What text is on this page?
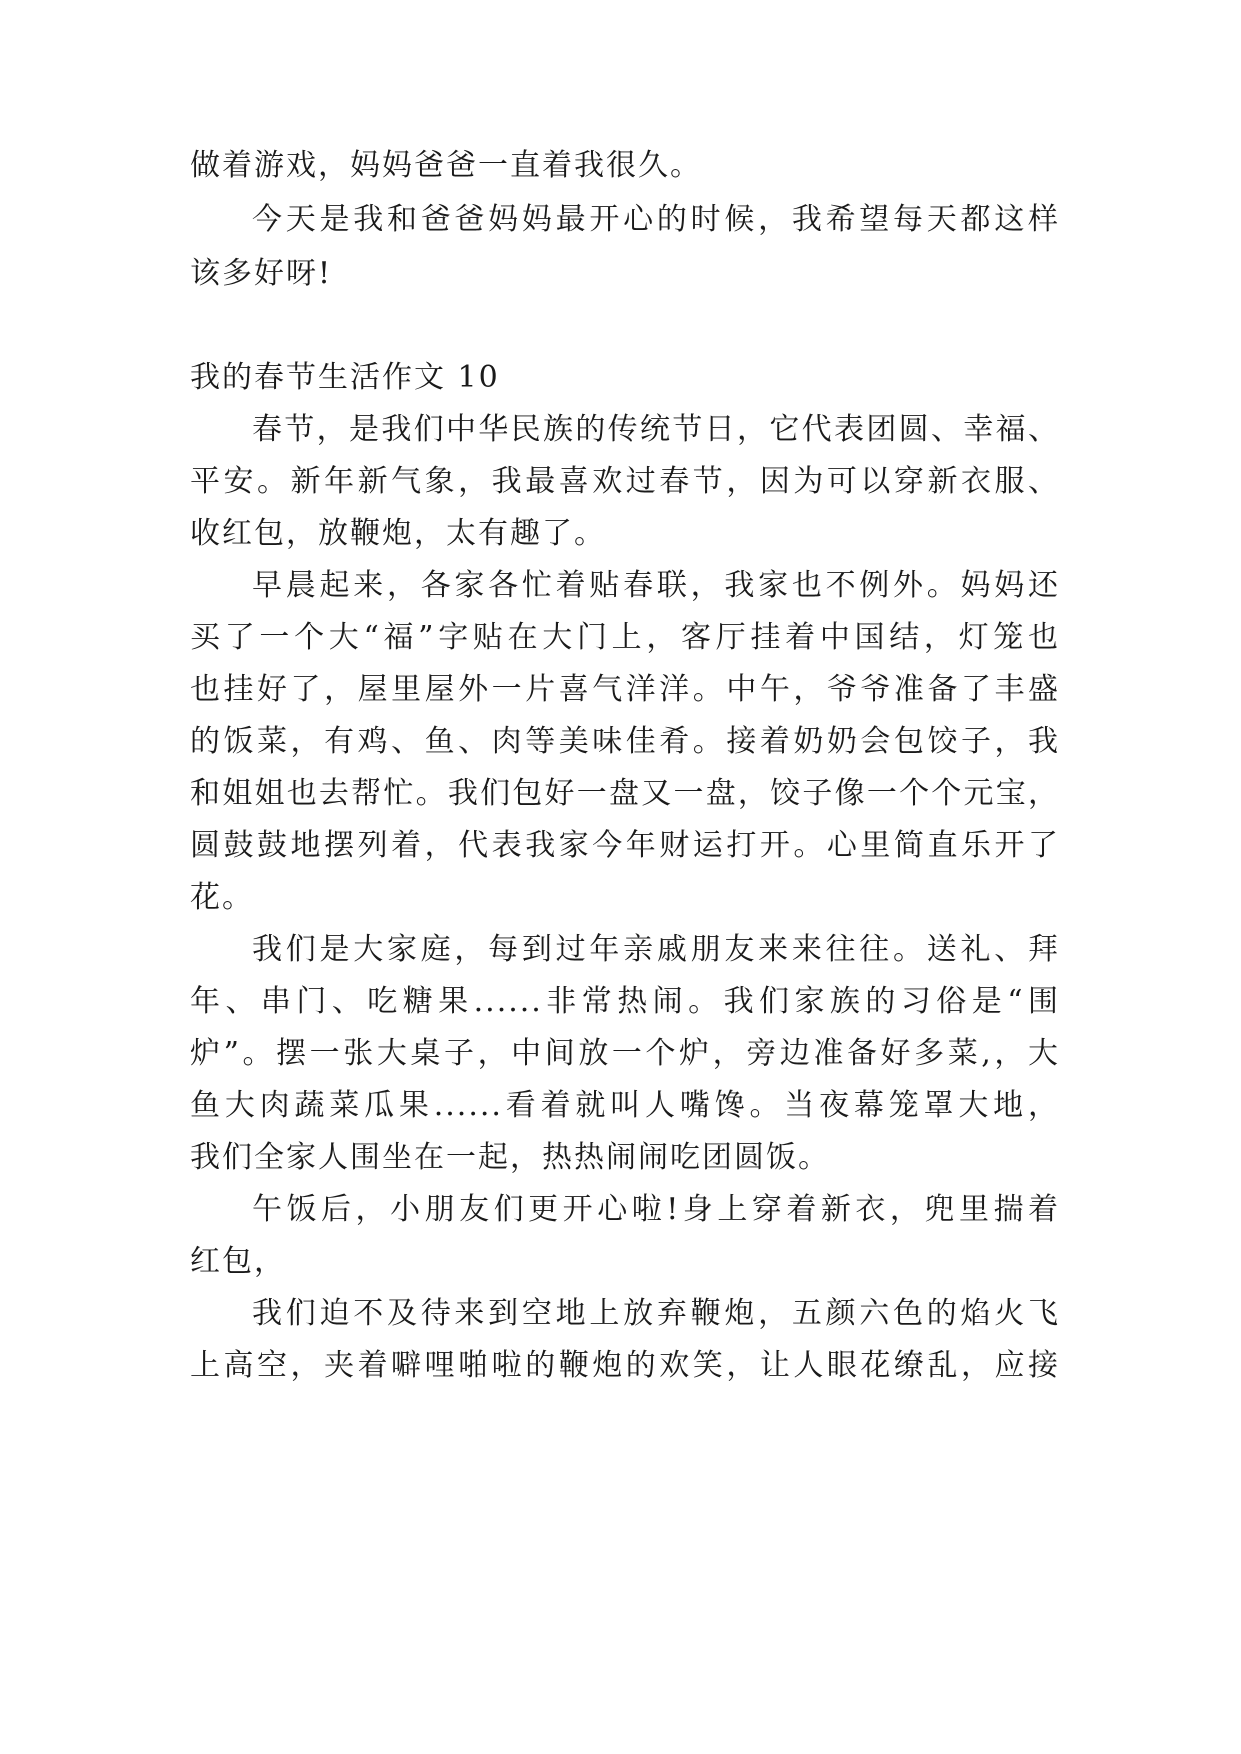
做着游戏，妈妈爸爸一直着我很久。
今天是我和爸爸妈妈最开心的时候，我希望每天都这样
该多好呀!
我的春节生活作文 10
春节，是我们中华民族的传统节日，它代表团圆、幸福、
平安。新年新气象，我最喜欢过春节，因为可以穿新衣服、
收红包，放鞭炮，太有趣了。
早晨起来，各家各忙着贴春联，我家也不例外。妈妈还
买了一个大“福”字贴在大门上，客厅挂着中国结，灯笼也
也挂好了，屋里屋外一片喜气洋洋。中午，爷爷准备了丰盛
的饭菜，有鸡、鱼、肉等美味佳肴。接着奶奶会包饺子，我
和姐姐也去帮忙。我们包好一盘又一盘，饺子像一个个元宝，
圆鼓鼓地摆列着，代表我家今年财运打开。心里简直乐开了
花。
我们是大家庭，每到过年亲戚朋友来来往往。送礼、拜
年、串门、吃糖果......非常热闹。我们家族的习俗是“围
炉”。摆一张大桌子，中间放一个炉，旁边准备好多菜,，大
鱼大肉蔬菜瓜果......看着就叫人嘴馋。当夜幕笼罩大地，
我们全家人围坐在一起，热热闹闹吃团圆饭。
午饭后，小朋友们更开心啦!身上穿着新衣，兜里揣着
红包，
我们迫不及待来到空地上放弃鞭炮，五颜六色的焰火飞
上高空，夹着噼哩啪啦的鞭炮的欢笑，让人眼花缭乱，应接
